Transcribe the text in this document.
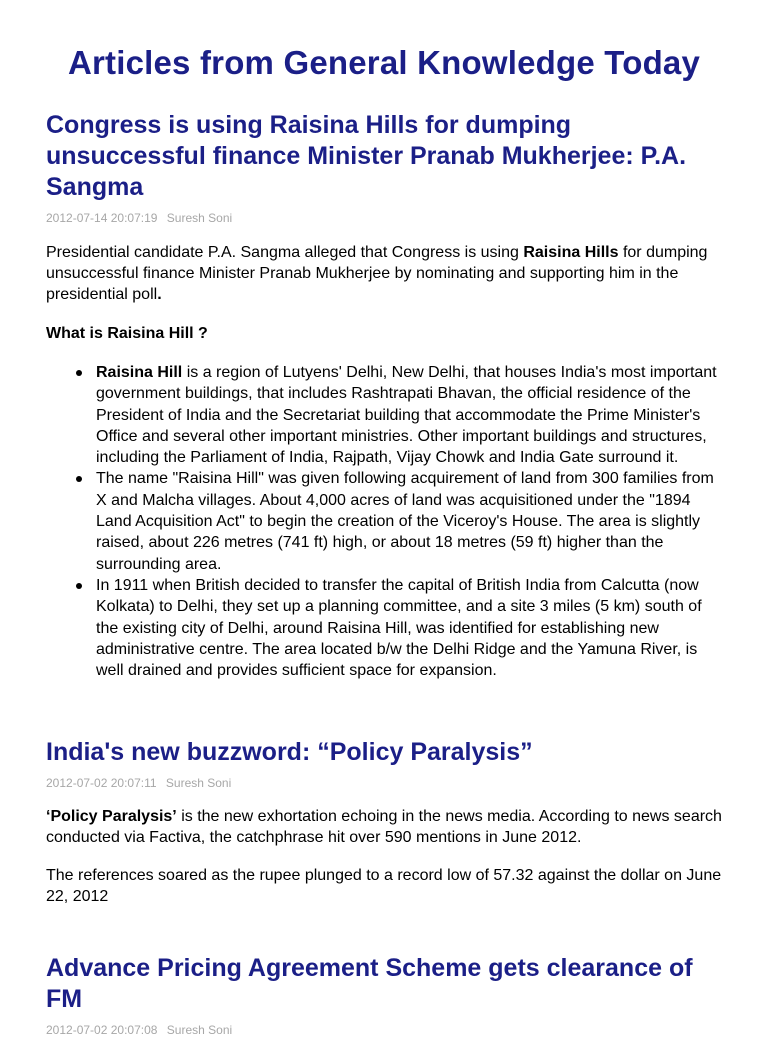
Articles from General Knowledge Today
Congress is using Raisina Hills for dumping unsuccessful finance Minister Pranab Mukherjee: P.A. Sangma
2012-07-14 20:07:19 Suresh Soni

Presidential candidate P.A. Sangma alleged that Congress is using Raisina Hills for dumping unsuccessful finance Minister Pranab Mukherjee by nominating and supporting him in the presidential poll.

What is Raisina Hill ?

Raisina Hill is a region of Lutyens' Delhi, New Delhi, that houses India's most important government buildings, that includes Rashtrapati Bhavan, the official residence of the President of India and the Secretariat building that accommodate the Prime Minister's Office and several other important ministries. Other important buildings and structures, including the Parliament of India, Rajpath, Vijay Chowk and India Gate surround it.
The name "Raisina Hill" was given following acquirement of land from 300 families from X and Malcha villages. About 4,000 acres of land was acquisitioned under the "1894 Land Acquisition Act" to begin the creation of the Viceroy's House. The area is slightly raised, about 226 metres (741 ft) high, or about 18 metres (59 ft) higher than the surrounding area.
In 1911 when British decided to transfer the capital of British India from Calcutta (now Kolkata) to Delhi, they set up a planning committee, and a site 3 miles (5 km) south of the existing city of Delhi, around Raisina Hill, was identified for establishing new administrative centre. The area located b/w the Delhi Ridge and the Yamuna River, is well drained and provides sufficient space for expansion.
India's new buzzword: “Policy Paralysis”
2012-07-02 20:07:11 Suresh Soni

‘Policy Paralysis’ is the new exhortation echoing in the news media. According to news search conducted via Factiva, the catchphrase hit over 590 mentions in June 2012.

The references soared as the rupee plunged to a record low of 57.32 against the dollar on June 22, 2012

Advance Pricing Agreement Scheme gets clearance of FM
2012-07-02 20:07:08 Suresh Soni
